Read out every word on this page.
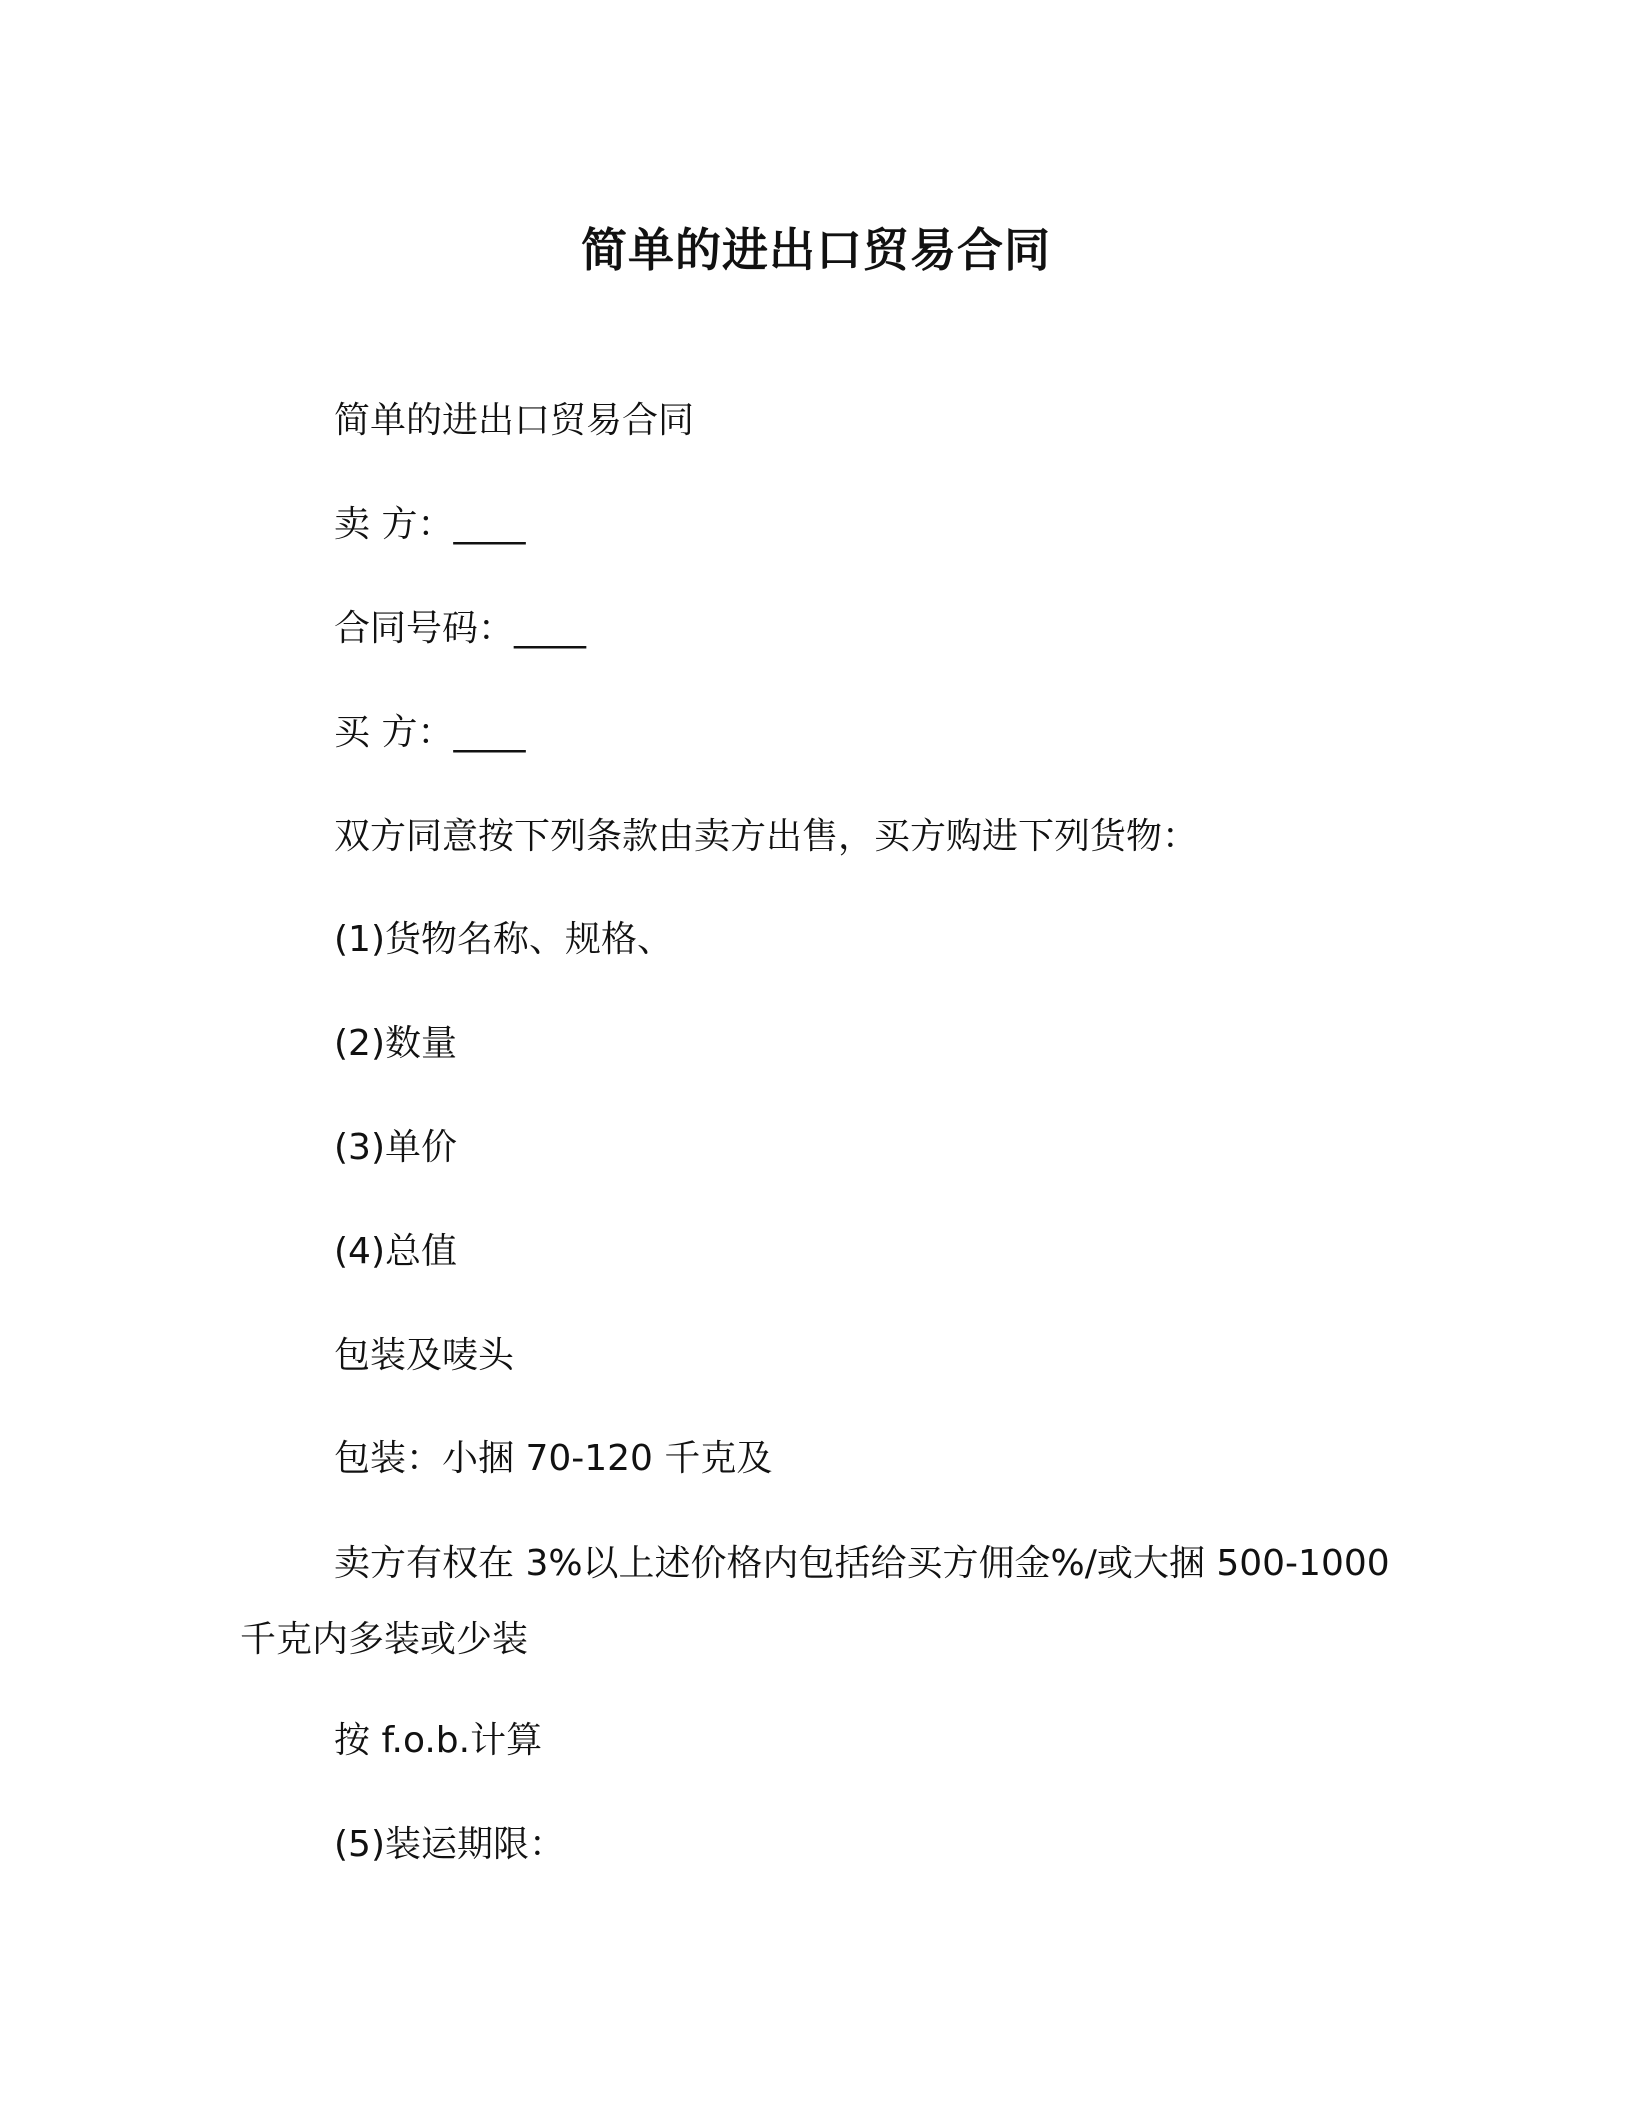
简单的进出口贸易合同

简单的进出口贸易合同

卖 方：____

合同号码：____

买 方：____

双方同意按下列条款由卖方出售，买方购进下列货物：

(1)货物名称、规格、

(2)数量

(3)单价

(4)总值

包装及唛头

包装：小捆 70-120 千克及

卖方有权在 3%以上述价格内包括给买方佣金%/或大捆 500-1000 千克内多装或少装

按 f.o.b.计算

(5)装运期限：
